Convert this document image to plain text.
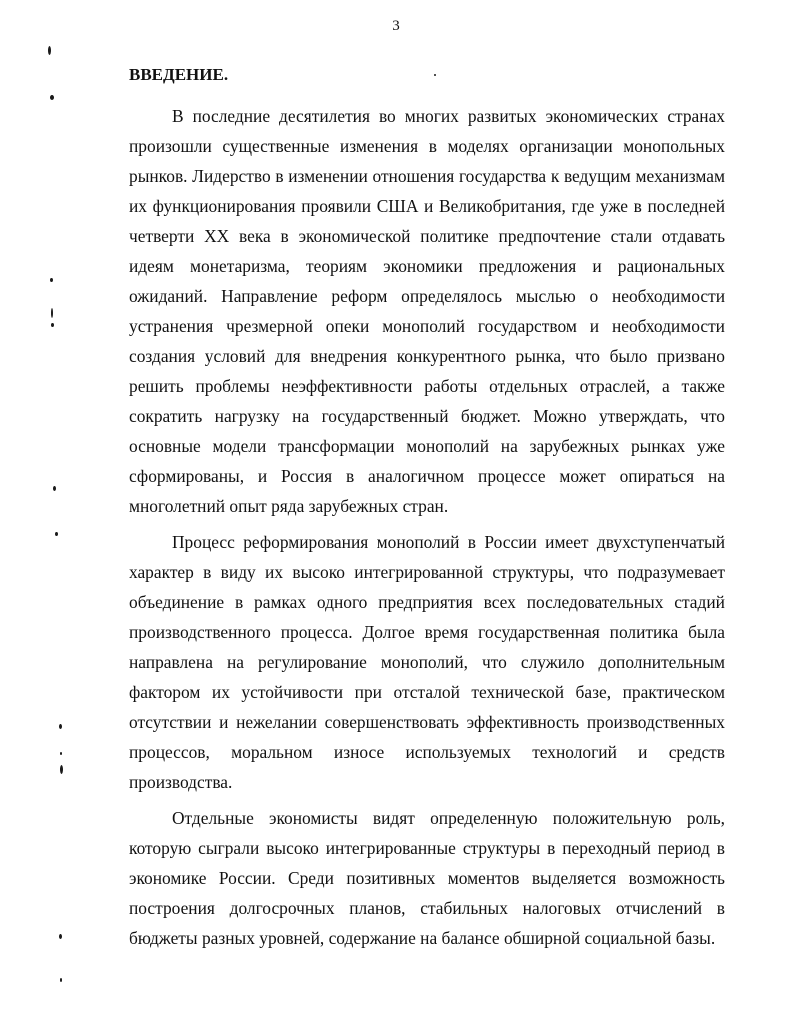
3
ВВЕДЕНИЕ.

В последние десятилетия во многих развитых экономических странах произошли существенные изменения в моделях организации монопольных рынков. Лидерство в изменении отношения государства к ведущим механизмам их функционирования проявили США и Великобритания, где уже в последней четверти XX века в экономической политике предпочтение стали отдавать идеям монетаризма, теориям экономики предложения и рациональных ожиданий. Направление реформ определялось мыслью о необходимости устранения чрезмерной опеки монополий государством и необходимости создания условий для внедрения конкурентного рынка, что было призвано решить проблемы неэффективности работы отдельных отраслей, а также сократить нагрузку на государственный бюджет. Можно утверждать, что основные модели трансформации монополий на зарубежных рынках уже сформированы, и Россия в аналогичном процессе может опираться на многолетний опыт ряда зарубежных стран.

Процесс реформирования монополий в России имеет двухступенчатый характер в виду их высоко интегрированной структуры, что подразумевает объединение в рамках одного предприятия всех последовательных стадий производственного процесса. Долгое время государственная политика была направлена на регулирование монополий, что служило дополнительным фактором их устойчивости при отсталой технической базе, практическом отсутствии и нежелании совершенствовать эффективность производственных процессов, моральном износе используемых технологий и средств производства.

Отдельные экономисты видят определенную положительную роль, которую сыграли высоко интегрированные структуры в переходный период в экономике России. Среди позитивных моментов выделяется возможность построения долгосрочных планов, стабильных налоговых отчислений в бюджеты разных уровней, содержание на балансе обширной социальной базы.
